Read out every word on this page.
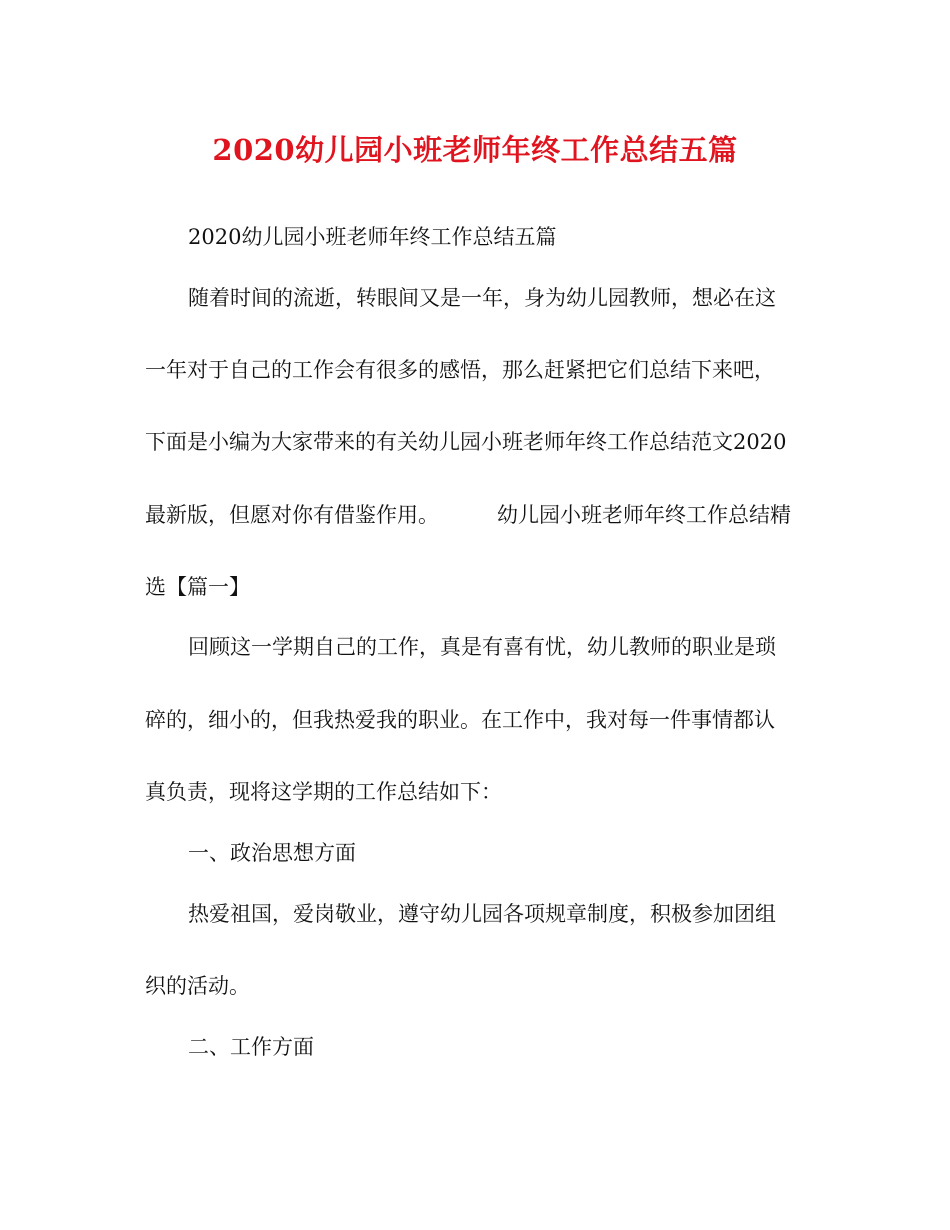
2020幼儿园小班老师年终工作总结五篇
2020幼儿园小班老师年终工作总结五篇
随着时间的流逝，转眼间又是一年，身为幼儿园教师，想必在这
一年对于自己的工作会有很多的感悟，那么赶紧把它们总结下来吧，
下面是小编为大家带来的有关幼儿园小班老师年终工作总结范文2020
最新版，但愿对你有借鉴作用。	幼儿园小班老师年终工作总结精
选【篇一】
回顾这一学期自己的工作，真是有喜有忧，幼儿教师的职业是琐
碎的，细小的，但我热爱我的职业。在工作中，我对每一件事情都认
真负责，现将这学期的工作总结如下：
一、政治思想方面
热爱祖国，爱岗敬业，遵守幼儿园各项规章制度，积极参加团组
织的活动。
二、工作方面
